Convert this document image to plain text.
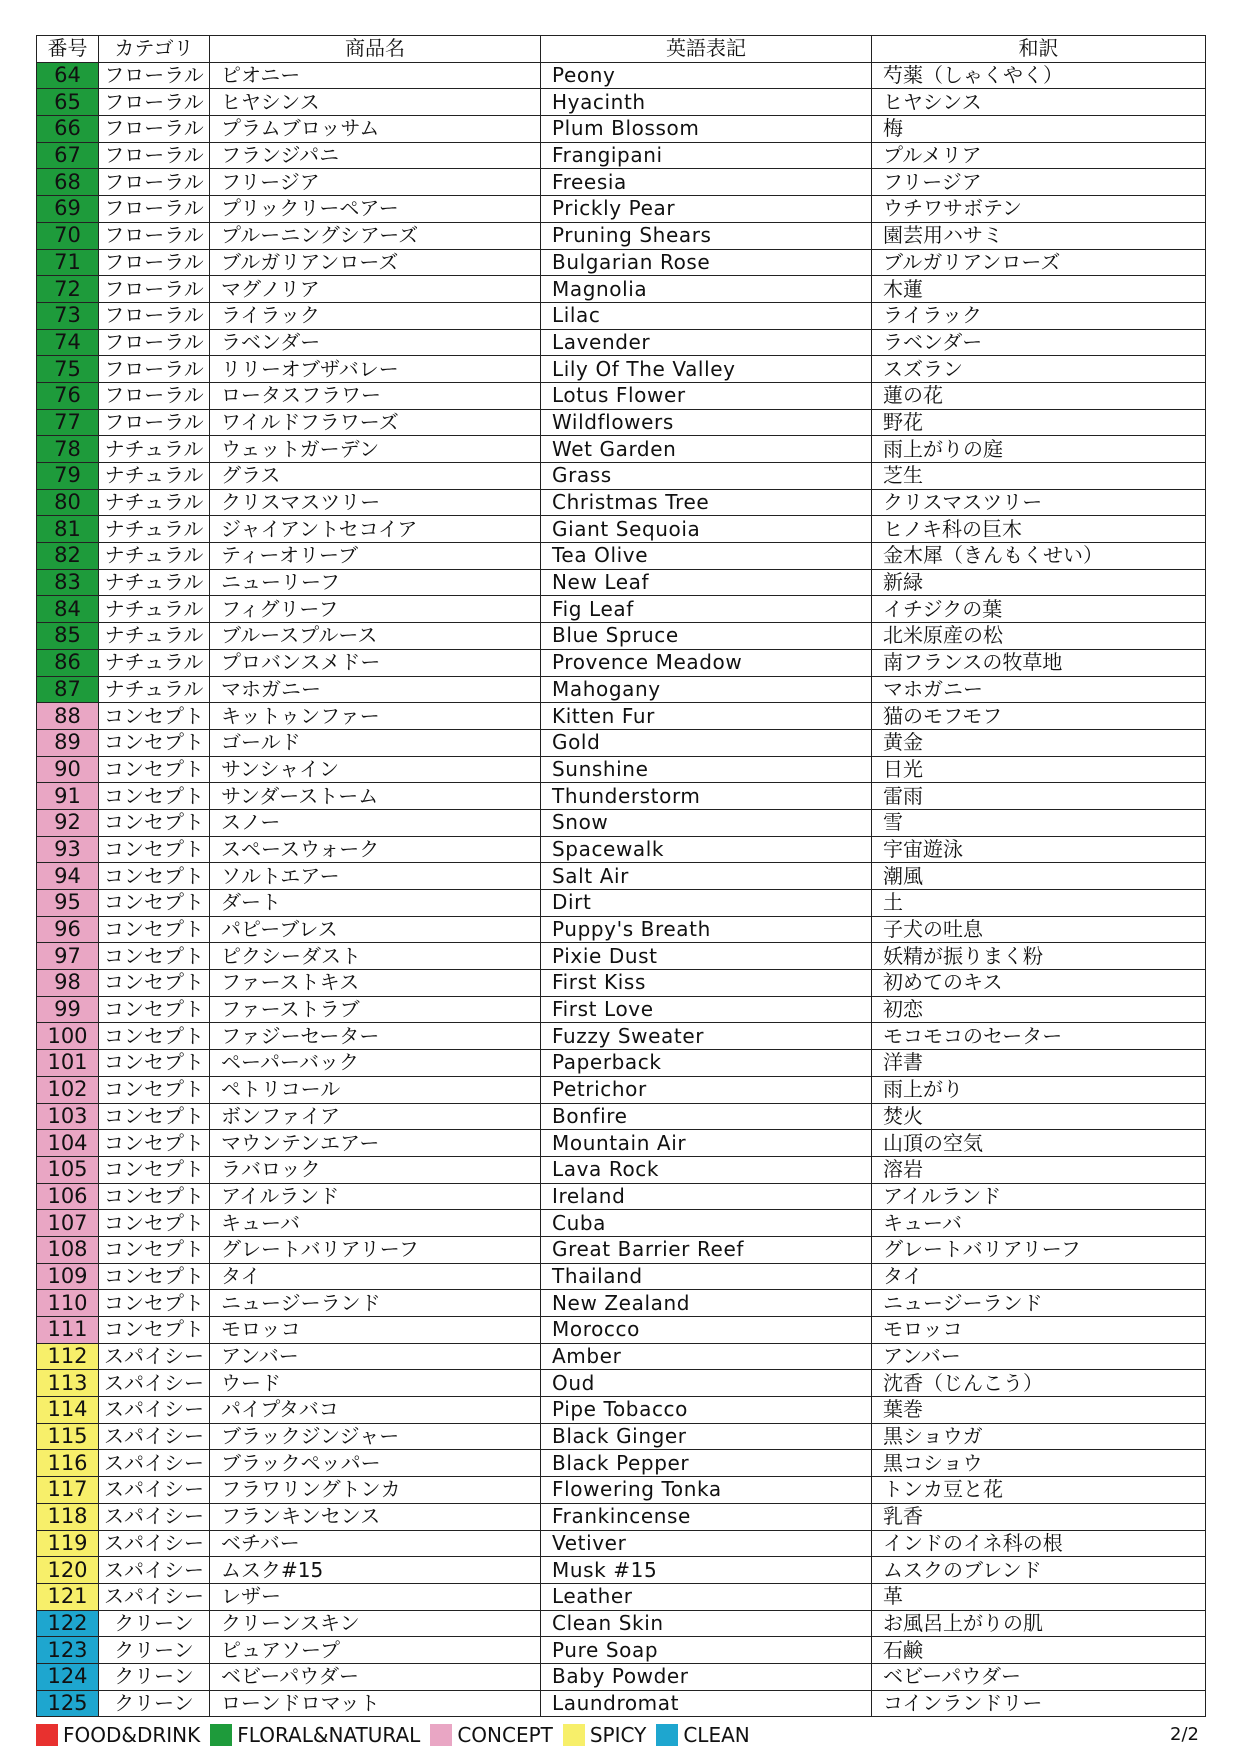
番号	カテゴリ	商品名	英語表記	和訳
64	フローラル	ピオニー	Peony	芍薬（しゃくやく）
65	フローラル	ヒヤシンス	Hyacinth	ヒヤシンス
66	フローラル	プラムブロッサム	Plum Blossom	梅
67	フローラル	フランジパニ	Frangipani	プルメリア
68	フローラル	フリージア	Freesia	フリージア
69	フローラル	プリックリーペアー	Prickly Pear	ウチワサボテン
70	フローラル	プルーニングシアーズ	Pruning Shears	園芸用ハサミ
71	フローラル	ブルガリアンローズ	Bulgarian Rose	ブルガリアンローズ
72	フローラル	マグノリア	Magnolia	木蓮
73	フローラル	ライラック	Lilac	ライラック
74	フローラル	ラベンダー	Lavender	ラベンダー
75	フローラル	リリーオブザバレー	Lily Of The Valley	スズラン
76	フローラル	ロータスフラワー	Lotus Flower	蓮の花
77	フローラル	ワイルドフラワーズ	Wildflowers	野花
78	ナチュラル	ウェットガーデン	Wet Garden	雨上がりの庭
79	ナチュラル	グラス	Grass	芝生
80	ナチュラル	クリスマスツリー	Christmas Tree	クリスマスツリー
81	ナチュラル	ジャイアントセコイア	Giant Sequoia	ヒノキ科の巨木
82	ナチュラル	ティーオリーブ	Tea Olive	金木犀（きんもくせい）
83	ナチュラル	ニューリーフ	New Leaf	新緑
84	ナチュラル	フィグリーフ	Fig Leaf	イチジクの葉
85	ナチュラル	ブルースプルース	Blue Spruce	北米原産の松
86	ナチュラル	プロバンスメドー	Provence Meadow	南フランスの牧草地
87	ナチュラル	マホガニー	Mahogany	マホガニー
88	コンセプト	キットゥンファー	Kitten Fur	猫のモフモフ
89	コンセプト	ゴールド	Gold	黄金
90	コンセプト	サンシャイン	Sunshine	日光
91	コンセプト	サンダーストーム	Thunderstorm	雷雨
92	コンセプト	スノー	Snow	雪
93	コンセプト	スペースウォーク	Spacewalk	宇宙遊泳
94	コンセプト	ソルトエアー	Salt Air	潮風
95	コンセプト	ダート	Dirt	土
96	コンセプト	パピーブレス	Puppy's Breath	子犬の吐息
97	コンセプト	ピクシーダスト	Pixie Dust	妖精が振りまく粉
98	コンセプト	ファーストキス	First Kiss	初めてのキス
99	コンセプト	ファーストラブ	First Love	初恋
100	コンセプト	ファジーセーター	Fuzzy Sweater	モコモコのセーター
101	コンセプト	ペーパーバック	Paperback	洋書
102	コンセプト	ペトリコール	Petrichor	雨上がり
103	コンセプト	ボンファイア	Bonfire	焚火
104	コンセプト	マウンテンエアー	Mountain Air	山頂の空気
105	コンセプト	ラバロック	Lava Rock	溶岩
106	コンセプト	アイルランド	Ireland	アイルランド
107	コンセプト	キューバ	Cuba	キューバ
108	コンセプト	グレートバリアリーフ	Great Barrier Reef	グレートバリアリーフ
109	コンセプト	タイ	Thailand	タイ
110	コンセプト	ニュージーランド	New Zealand	ニュージーランド
111	コンセプト	モロッコ	Morocco	モロッコ
112	スパイシー	アンバー	Amber	アンバー
113	スパイシー	ウード	Oud	沈香（じんこう）
114	スパイシー	パイプタバコ	Pipe Tobacco	葉巻
115	スパイシー	ブラックジンジャー	Black Ginger	黒ショウガ
116	スパイシー	ブラックペッパー	Black Pepper	黒コショウ
117	スパイシー	フラワリングトンカ	Flowering Tonka	トンカ豆と花
118	スパイシー	フランキンセンス	Frankincense	乳香
119	スパイシー	ベチバー	Vetiver	インドのイネ科の根
120	スパイシー	ムスク#15	Musk #15	ムスクのブレンド
121	スパイシー	レザー	Leather	革
122	クリーン	クリーンスキン	Clean Skin	お風呂上がりの肌
123	クリーン	ピュアソープ	Pure Soap	石鹸
124	クリーン	ベビーパウダー	Baby Powder	ベビーパウダー
125	クリーン	ローンドロマット	Laundromat	コインランドリー
FOOD&DRINK FLORAL&NATURAL CONCEPT SPICY CLEAN	2/2
